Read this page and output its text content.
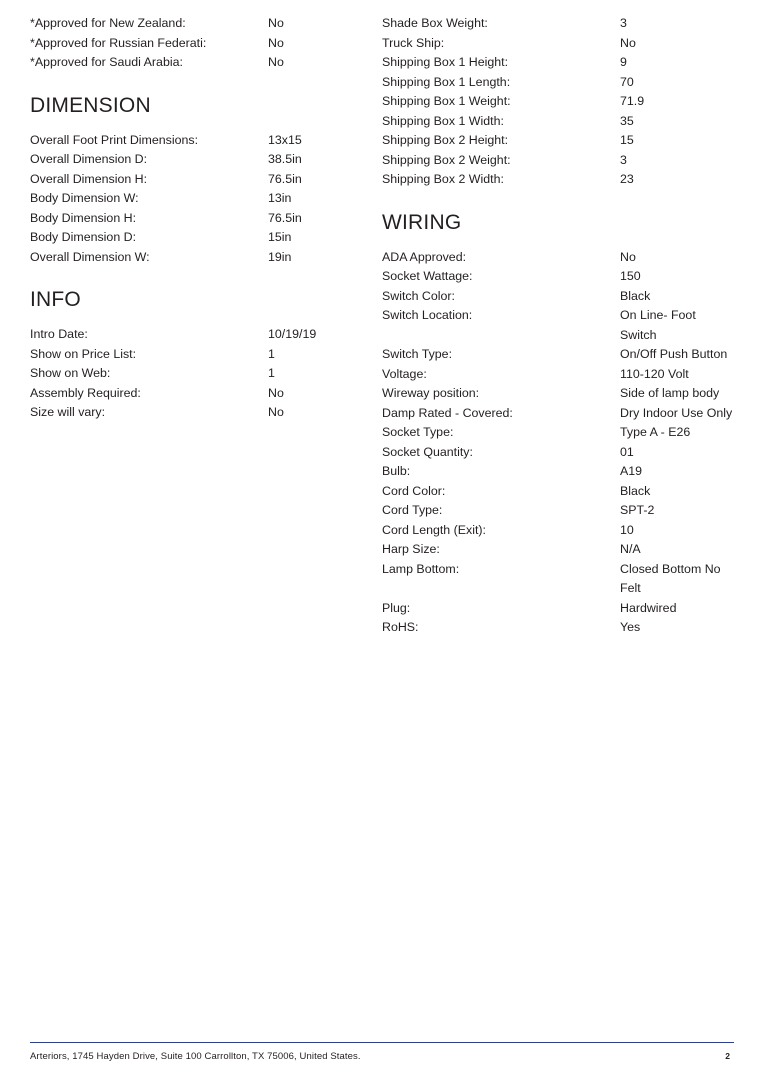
*Approved for New Zealand:	No
*Approved for Russian Federati:	No
*Approved for Saudi Arabia:	No
DIMENSION
Overall Foot Print Dimensions:	13x15
Overall Dimension D:	38.5in
Overall Dimension H:	76.5in
Body Dimension W:	13in
Body Dimension H:	76.5in
Body Dimension D:	15in
Overall Dimension W:	19in
INFO
Intro Date:	10/19/19
Show on Price List:	1
Show on Web:	1
Assembly Required:	No
Size will vary:	No
Shade Box Weight:	3
Truck Ship:	No
Shipping Box 1 Height:	9
Shipping Box 1 Length:	70
Shipping Box 1 Weight:	71.9
Shipping Box 1 Width:	35
Shipping Box 2 Height:	15
Shipping Box 2 Weight:	3
Shipping Box 2 Width:	23
WIRING
ADA Approved:	No
Socket Wattage:	150
Switch Color:	Black
Switch Location:	On Line- Foot Switch
Switch Type:	On/Off Push Button
Voltage:	110-120 Volt
Wireway position:	Side of lamp body
Damp Rated - Covered:	Dry Indoor Use Only
Socket Type:	Type A - E26
Socket Quantity:	01
Bulb:	A19
Cord Color:	Black
Cord Type:	SPT-2
Cord Length (Exit):	10
Harp Size:	N/A
Lamp Bottom:	Closed Bottom No Felt
Plug:	Hardwired
RoHS:	Yes
Arteriors, 1745 Hayden Drive, Suite 100 Carrollton, TX 75006, United States.	2
